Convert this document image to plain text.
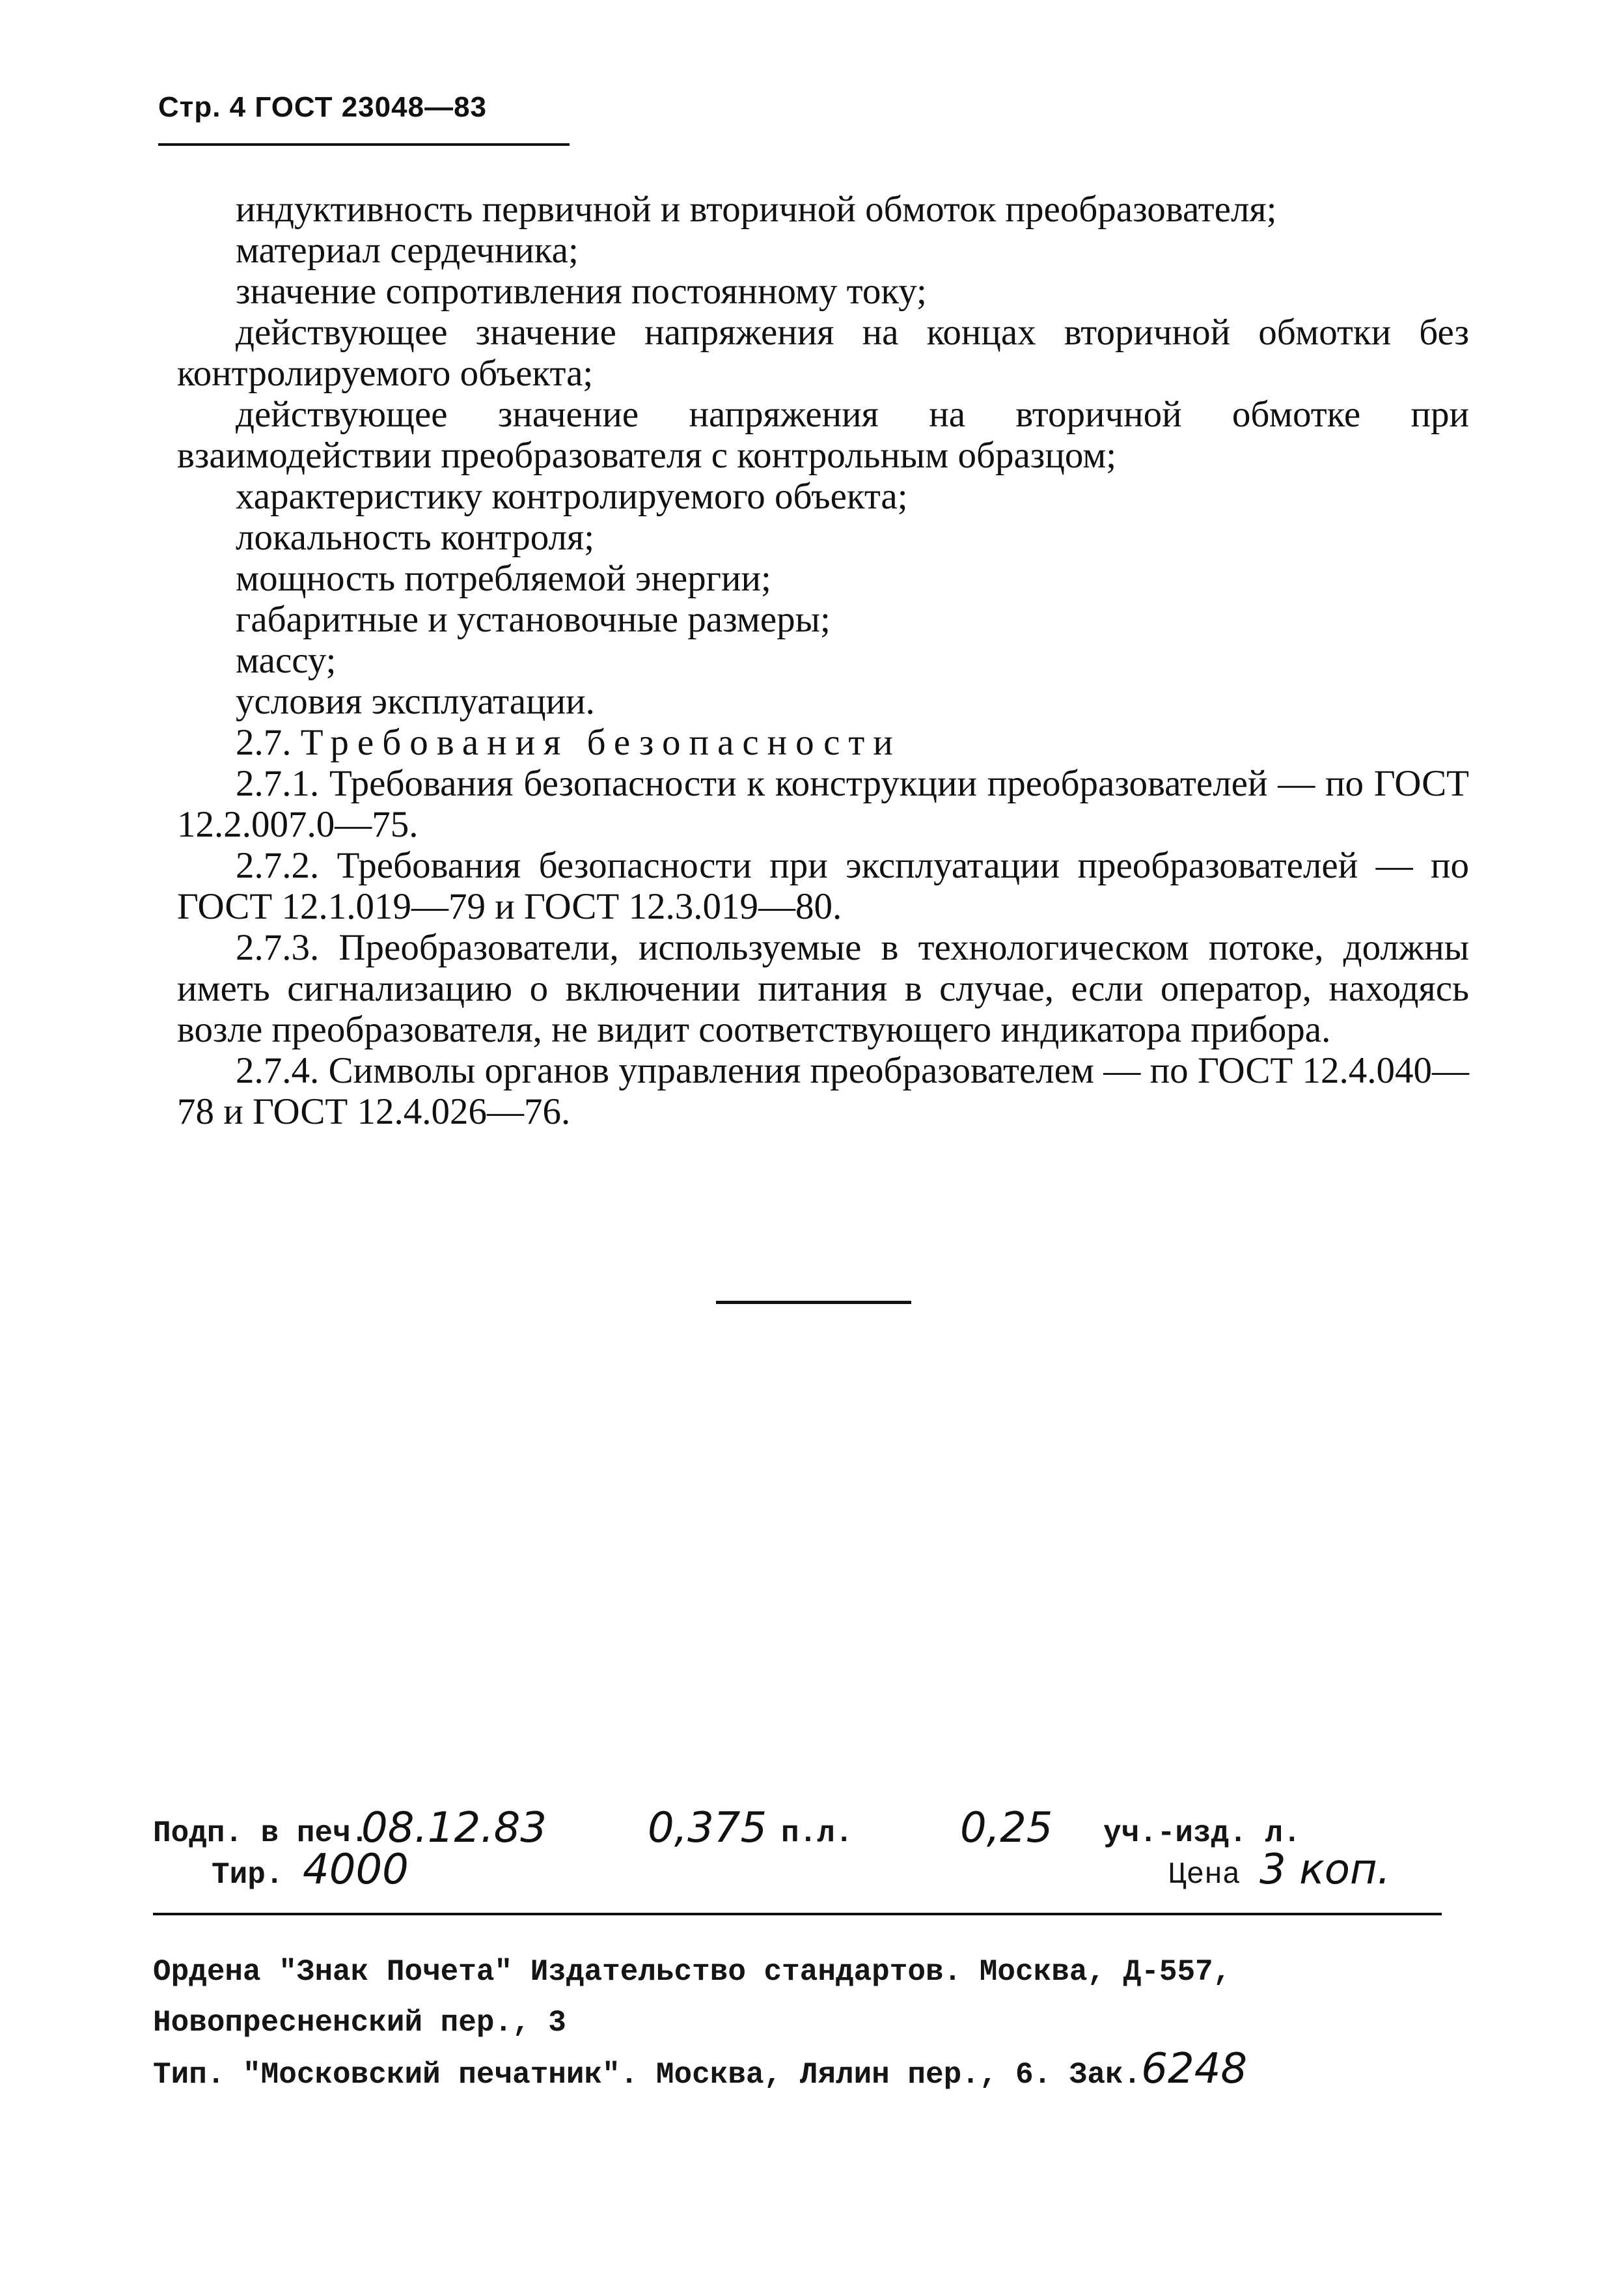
Стр. 4 ГОСТ 23048—83

индуктивность первичной и вторичной обмоток преобразователя;

материал сердечника;

значение сопротивления постоянному току;

действующее значение напряжения на концах вторичной обмотки без контролируемого объекта;

действующее значение напряжения на вторичной обмотке при взаимодействии преобразователя с контрольным образцом;

характеристику контролируемого объекта;

локальность контроля;

мощность потребляемой энергии;

габаритные и установочные размеры;

массу;

условия эксплуатации.

2.7. Требования безопасности

2.7.1. Требования безопасности к конструкции преобразователей — по ГОСТ 12.2.007.0—75.

2.7.2. Требования безопасности при эксплуатации преобразователей — по ГОСТ 12.1.019—79 и ГОСТ 12.3.019—80.

2.7.3. Преобразователи, используемые в технологическом потоке, должны иметь сигнализацию о включении питания в случае, если оператор, находясь возле преобразователя, не видит соответствующего индикатора прибора.

2.7.4. Символы органов управления преобразователем — по ГОСТ 12.4.040—78 и ГОСТ 12.4.026—76.

Подп. в печ.
08.12.83 0,375 п.л.	0,25 уч.-изд. л.
Тир. 4000	Цена 3 коп.
Ордена "Знак Почета" Издательство стандартов. Москва, Д-557,
Новопресненский пер., 3
Тип. "Московский печатник". Москва, Лялин пер., 6. Зак.6248
